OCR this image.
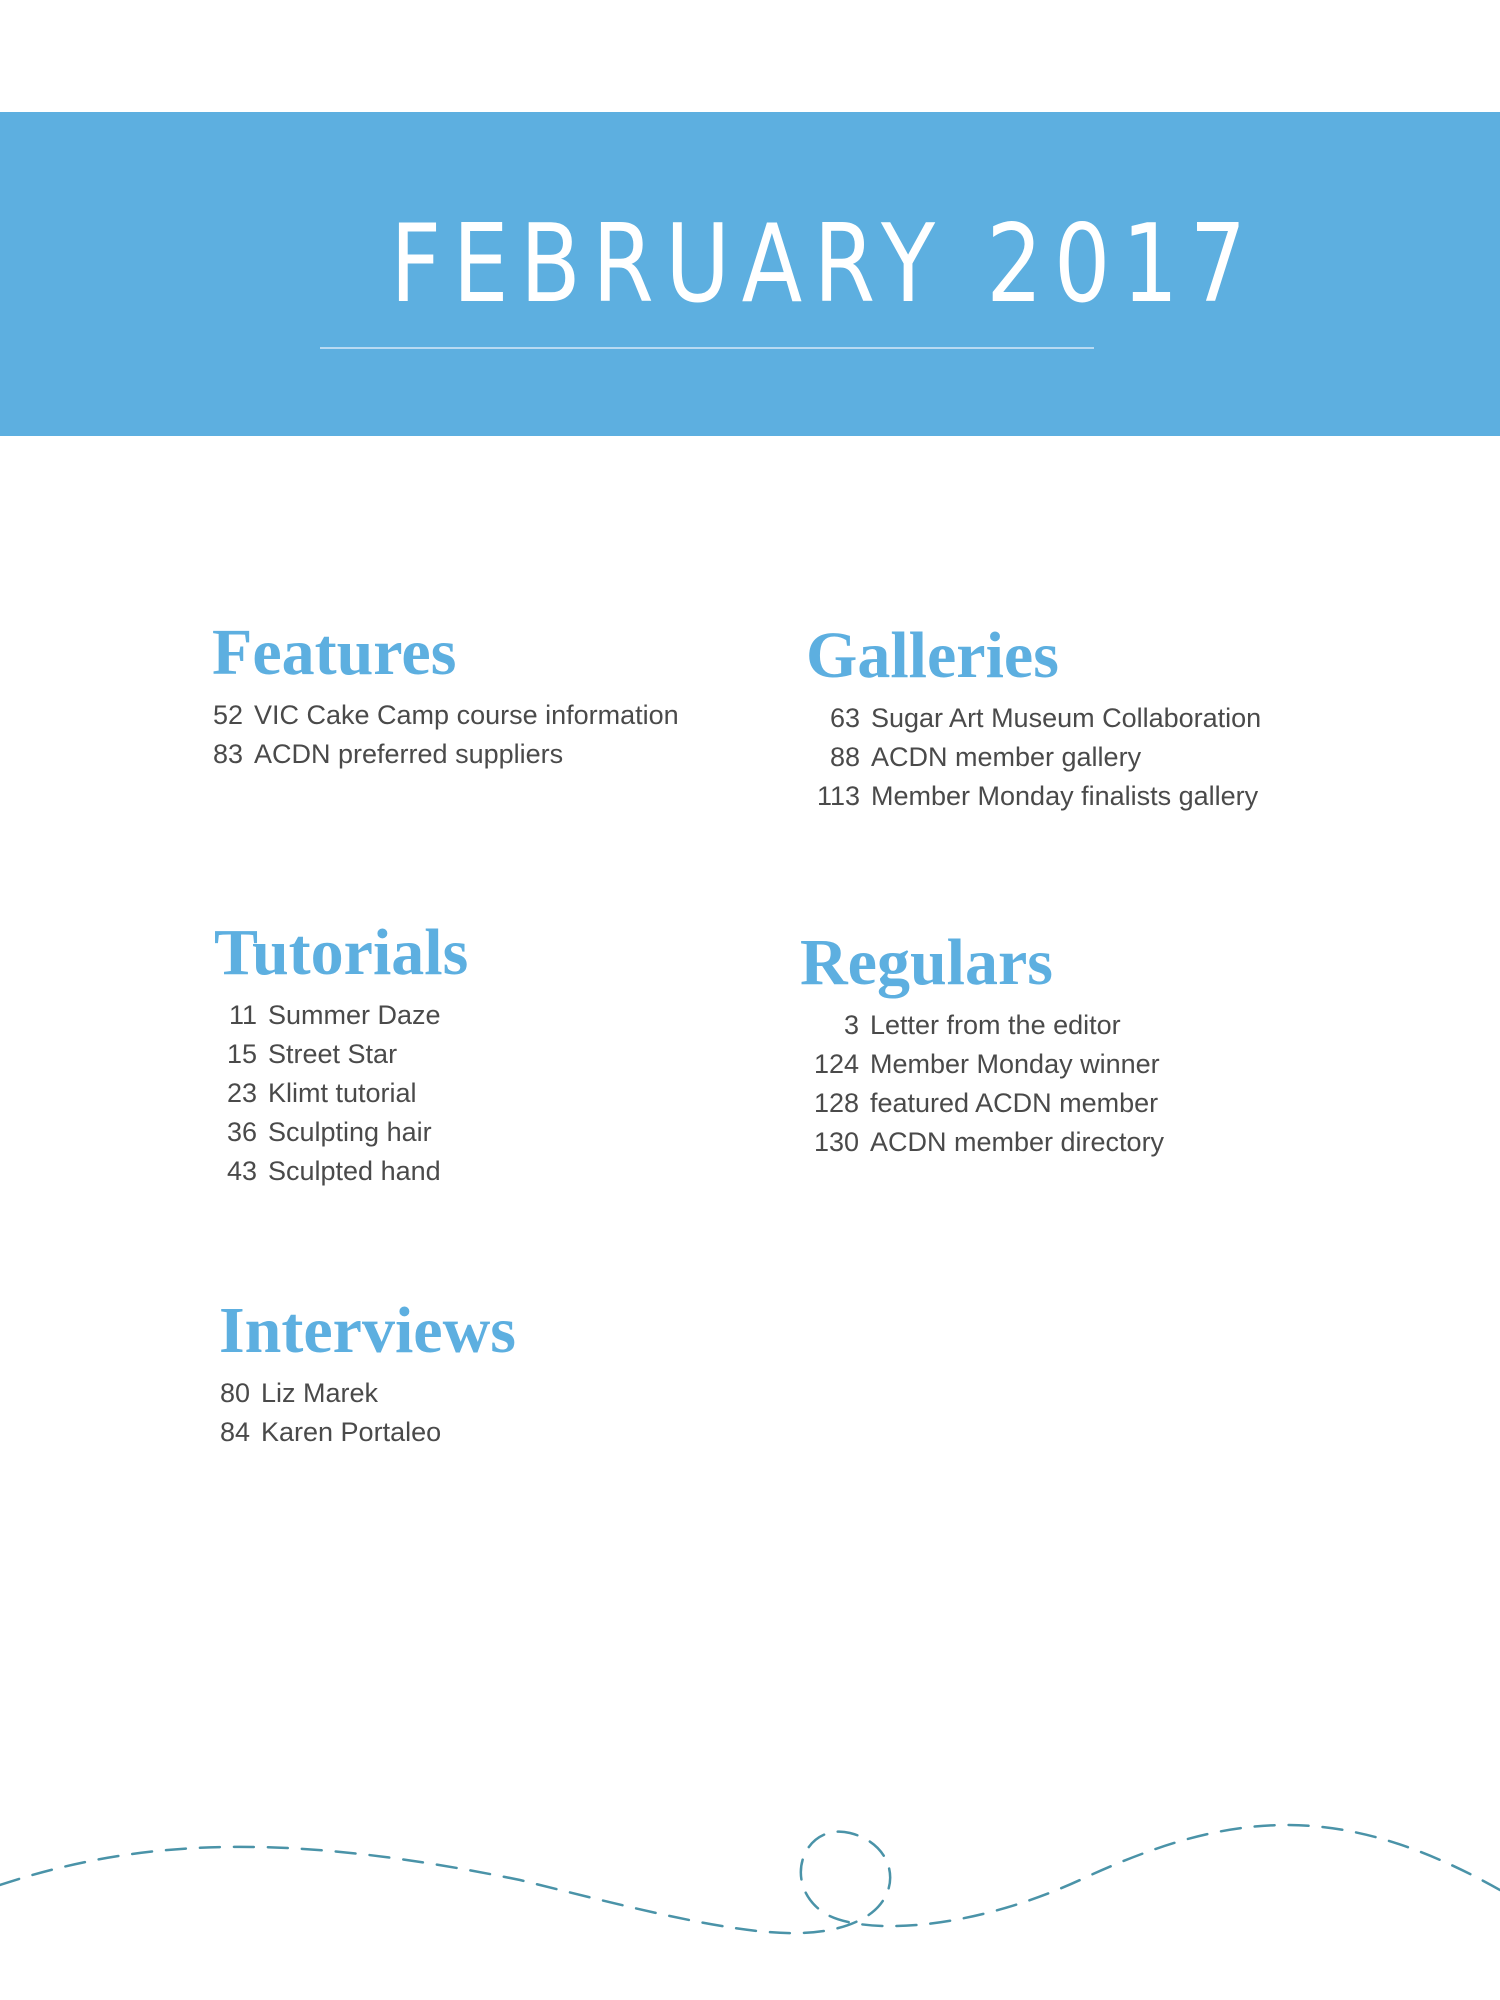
FEBRUARY 2017
Features
52 VIC Cake Camp course information
83 ACDN preferred suppliers
Galleries
63 Sugar Art Museum Collaboration
88 ACDN member gallery
113 Member Monday finalists gallery
Tutorials
11 Summer Daze
15 Street Star
23 Klimt tutorial
36 Sculpting hair
43 Sculpted hand
Regulars
3 Letter from the editor
124 Member Monday winner
128 featured ACDN member
130 ACDN member directory
Interviews
80 Liz Marek
84 Karen Portaleo
